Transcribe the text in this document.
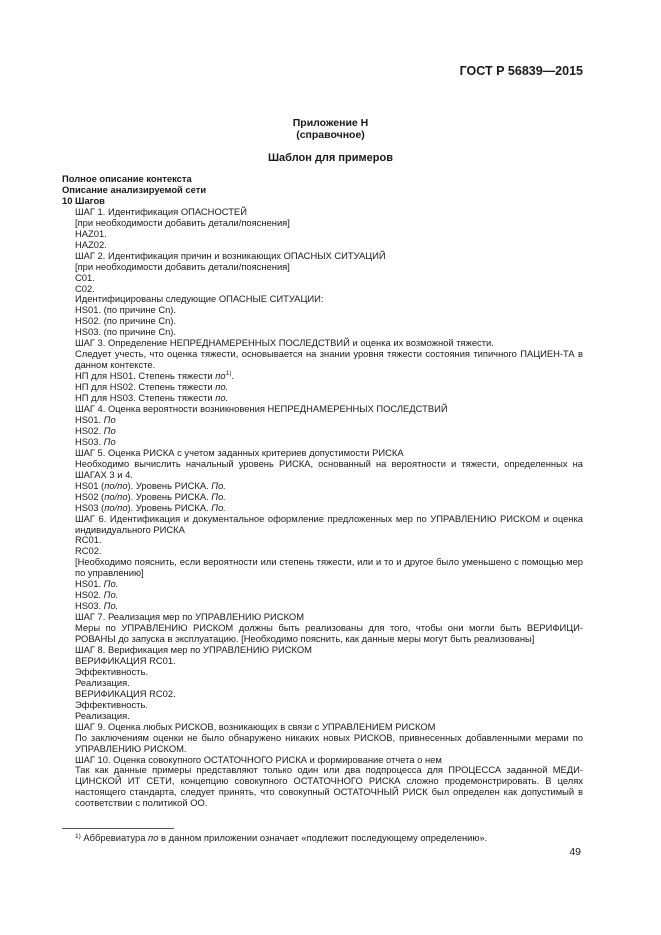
ГОСТ Р 56839—2015
Приложение Н
(справочное)
Шаблон для примеров
Полное описание контекста
Описание анализируемой сети
10 Шагов
ШАГ 1. Идентификация ОПАСНОСТЕЙ
[при необходимости добавить детали/пояснения]
HAZ01.
HAZ02.
ШАГ 2. Идентификация причин и возникающих ОПАСНЫХ СИТУАЦИЙ
[при необходимости добавить детали/пояснения]
C01.
C02.
Идентифицированы следующие ОПАСНЫЕ СИТУАЦИИ:
HS01. (по причине Cn).
HS02. (по причине Cn).
HS03. (по причине Cn).
ШАГ 3. Определение НЕПРЕДНАМЕРЕННЫХ ПОСЛЕДСТВИЙ и оценка их возможной тяжести.
Следует учесть, что оценка тяжести, основывается на знании уровня тяжести состояния типичного ПАЦИЕН-ТА в данном контексте.
НП для HS01. Степень тяжести $по^{1)}$.
НП для HS02. Степень тяжести по.
НП для HS03. Степень тяжести по.
ШАГ 4. Оценка вероятности возникновения НЕПРЕДНАМЕРЕННЫХ ПОСЛЕДСТВИЙ
HS01. По
HS02. По
HS03. По
ШАГ 5. Оценка РИСКА с учетом заданных критериев допустимости РИСКА
Необходимо вычислить начальный уровень РИСКА, основанный на вероятности и тяжести, определенных на ШАГАХ 3 и 4.
HS01 (по/по). Уровень РИСКА. По.
HS02 (по/по). Уровень РИСКА. По.
HS03 (по/по). Уровень РИСКА. По.
ШАГ 6. Идентификация и документальное оформление предложенных мер по УПРАВЛЕНИЮ РИСКОМ и оценка индивидуального РИСКА
RC01.
RC02.
[Необходимо пояснить, если вероятности или степень тяжести, или и то и другое было уменьшено с помощью мер по управлению]
HS01. По.
HS02. По.
HS03. По.
ШАГ 7. Реализация мер по УПРАВЛЕНИЮ РИСКОМ
Меры по УПРАВЛЕНИЮ РИСКОМ должны быть реализованы для того, чтобы они могли быть ВЕРИФИЦИ-РОВАНЫ до запуска в эксплуатацию. [Необходимо пояснить, как данные меры могут быть реализованы]
ШАГ 8. Верификация мер по УПРАВЛЕНИЮ РИСКОМ
ВЕРИФИКАЦИЯ RC01.
Эффективность.
Реализация.
ВЕРИФИКАЦИЯ RC02.
Эффективность.
Реализация.
ШАГ 9. Оценка любых РИСКОВ, возникающих в связи с УПРАВЛЕНИЕМ РИСКОМ
По заключениям оценки не было обнаружено никаких новых РИСКОВ, привнесенных добавленными мерами по УПРАВЛЕНИЮ РИСКОМ.
ШАГ 10. Оценка совокупного ОСТАТОЧНОГО РИСКА и формирование отчета о нем
Так как данные примеры представляют только один или два подпроцесса для ПРОЦЕССА заданной МЕДИ-ЦИНСКОЙ ИТ СЕТИ, концепцию совокупного ОСТАТОЧНОГО РИСКА сложно продемонстрировать. В целях настоящего стандарта, следует принять, что совокупный ОСТАТОЧНЫЙ РИСК был определен как допустимый в соответствии с политикой ОО.
$^{1)}$ Аббревиатура по в данном приложении означает «подлежит последующему определению».
49
